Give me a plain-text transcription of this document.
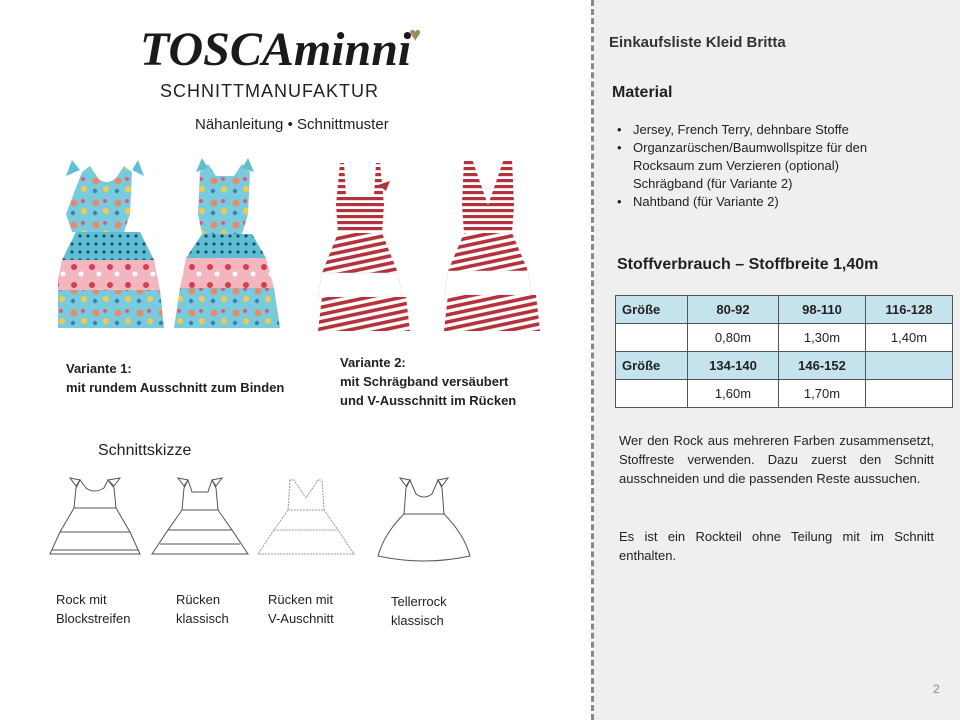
TOSCAminni♥
SCHNITTMANUFAKTUR
Nähanleitung • Schnittmuster
Variante 1:
mit rundem Ausschnitt zum Binden
Variante 2:
mit Schrägband versäubert
und V-Ausschnitt im Rücken
Schnittskizze
Rock mit
Blockstreifen
Rücken
klassisch
Rücken mit
V-Auschnitt
Tellerrock
klassisch
Einkaufsliste Kleid Britta
Material
• Jersey, French Terry, dehnbare Stoffe
• Organzarüschen/Baumwollspitze für den Rocksaum zum Verzieren (optional) Schrägband (für Variante 2)
• Nahtband (für Variante 2)
Stoffverbrauch – Stoffbreite 1,40m
Größe	80-92	98-110	116-128
	0,80m	1,30m	1,40m
Größe	134-140	146-152	
	1,60m	1,70m	
Wer den Rock aus mehreren Farben zusammensetzt, Stoffreste verwenden. Dazu zuerst den Schnitt ausschneiden und die passenden Reste aussuchen.
Es ist ein Rockteil ohne Teilung mit im Schnitt enthalten.
2
